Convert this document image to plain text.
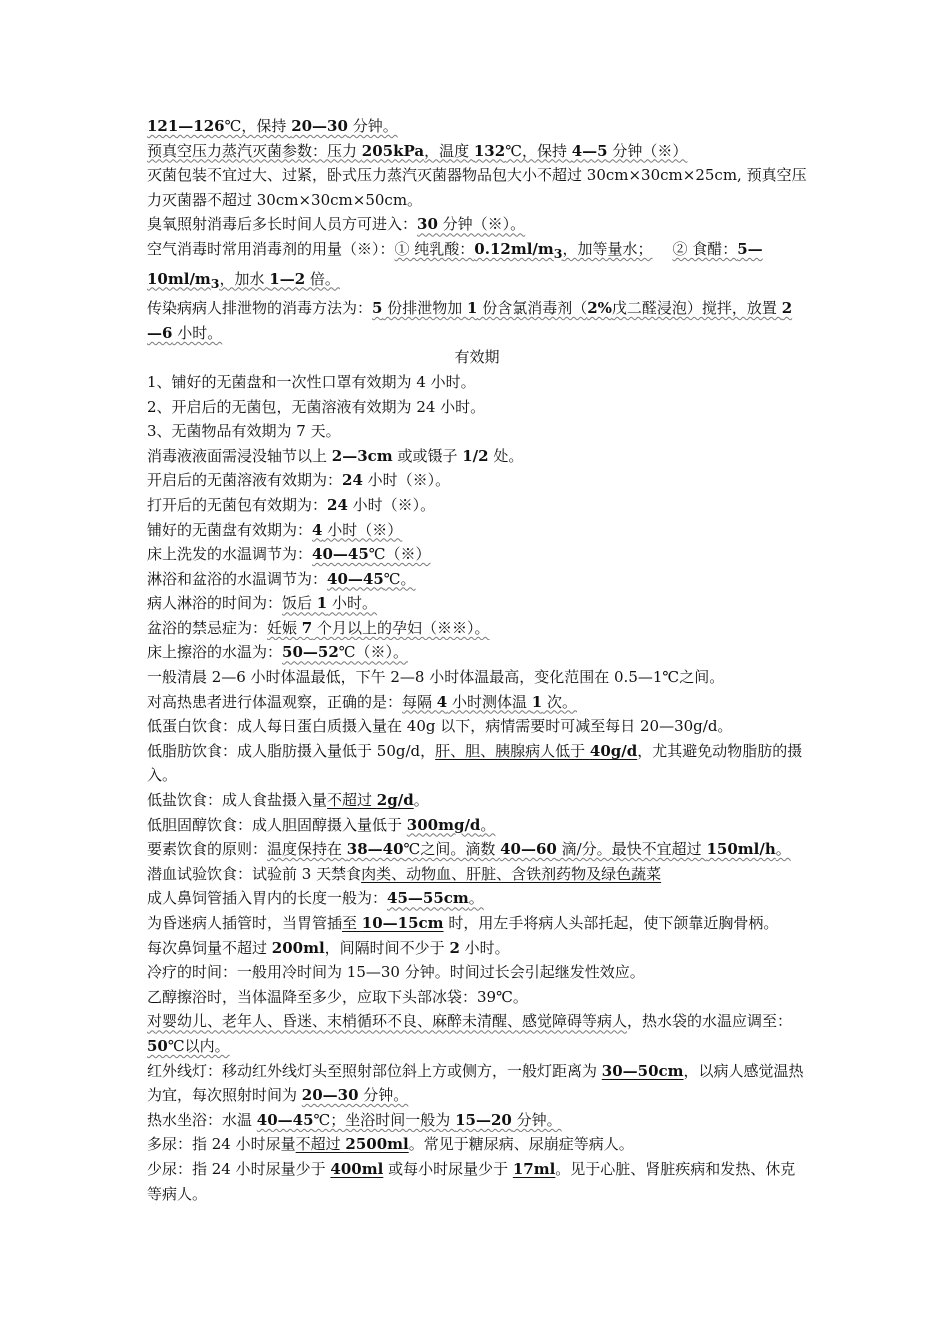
121—126℃，保持 20—30 分钟。

预真空压力蒸汽灭菌参数：压力 205kPa，温度 132℃，保持 4—5 分钟（※）

灭菌包装不宜过大、过紧，卧式压力蒸汽灭菌器物品包大小不超过 30cm×30cm×25cm, 预真空压力灭菌器不超过 30cm×30cm×50cm。

臭氧照射消毒后多长时间人员方可进入：30 分钟（※）。

空气消毒时常用消毒剂的用量（※）：① 纯乳酸：$0.12ml/m_3$，加等量水； ② 食醋：$5—10ml/m_3$，加水 1—2 倍。

传染病病人排泄物的消毒方法为：5 份排泄物加 1 份含氯消毒剂（2%戊二醛浸泡）搅拌，放置 2—6 小时。

有效期

1、铺好的无菌盘和一次性口罩有效期为 4 小时。

2、开启后的无菌包，无菌溶液有效期为 24 小时。

3、无菌物品有效期为 7 天。

消毒液液面需浸没轴节以上 2—3cm 或或镊子 1/2 处。

开启后的无菌溶液有效期为：24 小时（※）。

打开后的无菌包有效期为：24 小时（※）。

铺好的无菌盘有效期为：4 小时（※）

床上洗发的水温调节为：40—45℃（※）

淋浴和盆浴的水温调节为：40—45℃。

病人淋浴的时间为：饭后 1 小时。

盆浴的禁忌症为：妊娠 7 个月以上的孕妇（※※）。

床上擦浴的水温为：50—52℃（※）。

一般清晨 2—6 小时体温最低，下午 2—8 小时体温最高，变化范围在 0.5—1℃之间。

对高热患者进行体温观察，正确的是：每隔 4 小时测体温 1 次。

低蛋白饮食：成人每日蛋白质摄入量在 40g 以下，病情需要时可减至每日 20—30g/d。

低脂肪饮食：成人脂肪摄入量低于 50g/d，肝、胆、胰腺病人低于 40g/d，尤其避免动物脂肪的摄入。

低盐饮食：成人食盐摄入量不超过 2g/d。

低胆固醇饮食：成人胆固醇摄入量低于 300mg/d。

要素饮食的原则：温度保持在 38—40℃之间。滴数 40—60 滴/分。最快不宜超过 150ml/h。

潜血试验饮食：试验前 3 天禁食肉类、动物血、肝脏、含铁剂药物及绿色蔬菜

成人鼻饲管插入胃内的长度一般为：45—55cm。

为昏迷病人插管时，当胃管插至 10—15cm 时，用左手将病人头部托起，使下颌靠近胸骨柄。

每次鼻饲量不超过 200ml，间隔时间不少于 2 小时。

冷疗的时间：一般用冷时间为 15—30 分钟。时间过长会引起继发性效应。

乙醇擦浴时，当体温降至多少，应取下头部冰袋：39℃。

对婴幼儿、老年人、昏迷、末梢循环不良、麻醉未清醒、感觉障碍等病人，热水袋的水温应调至：50℃以内。

红外线灯：移动红外线灯头至照射部位斜上方或侧方，一般灯距离为 30—50cm，以病人感觉温热为宜，每次照射时间为 20—30 分钟。

热水坐浴：水温 40—45℃；坐浴时间一般为 15—20 分钟。

多尿：指 24 小时尿量不超过 2500ml。常见于糖尿病、尿崩症等病人。

少尿：指 24 小时尿量少于 400ml 或每小时尿量少于 17ml。见于心脏、肾脏疾病和发热、休克等病人。
